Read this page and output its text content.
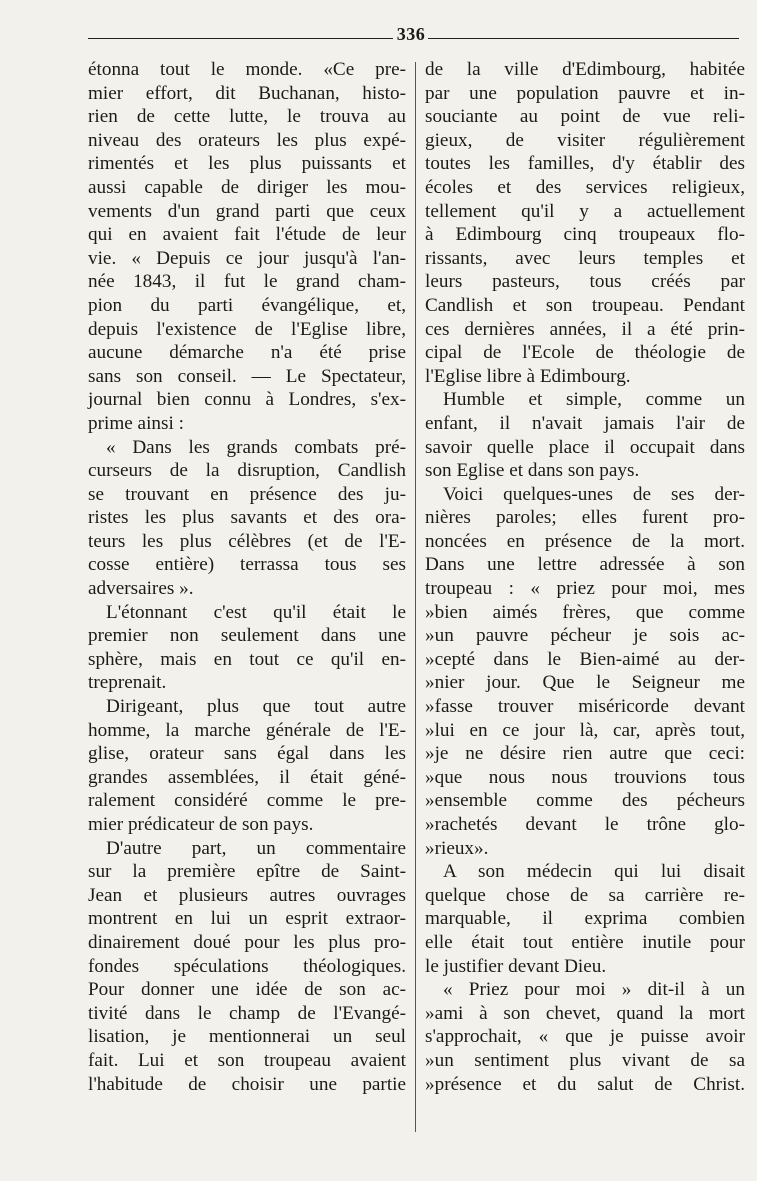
336
étonna tout le monde. «Ce pre-
mier effort, dit Buchanan, histo-
rien de cette lutte, le trouva au
niveau des orateurs les plus expé-
rimentés et les plus puissants et
aussi capable de diriger les mou-
vements d'un grand parti que ceux
qui en avaient fait l'étude de leur
vie. « Depuis ce jour jusqu'à l'an-
née 1843, il fut le grand cham-
pion du parti évangélique, et,
depuis l'existence de l'Eglise libre,
aucune démarche n'a été prise
sans son conseil. — Le Spectateur,
journal bien connu à Londres, s'ex-
prime ainsi :
« Dans les grands combats pré-
curseurs de la disruption, Candlish
se trouvant en présence des ju-
ristes les plus savants et des ora-
teurs les plus célèbres (et de l'E-
cosse entière) terrassa tous ses
adversaires ».
L'étonnant c'est qu'il était le
premier non seulement dans une
sphère, mais en tout ce qu'il en-
treprenait.
Dirigeant, plus que tout autre
homme, la marche générale de l'E-
glise, orateur sans égal dans les
grandes assemblées, il était géné-
ralement considéré comme le pre-
mier prédicateur de son pays.
D'autre part, un commentaire
sur la première epître de Saint-
Jean et plusieurs autres ouvrages
montrent en lui un esprit extraor-
dinairement doué pour les plus pro-
fondes spéculations théologiques.
Pour donner une idée de son ac-
tivité dans le champ de l'Evangé-
lisation, je mentionnerai un seul
fait. Lui et son troupeau avaient
l'habitude de choisir une partie
de la ville d'Edimbourg, habitée
par une population pauvre et in-
souciante au point de vue reli-
gieux, de visiter régulièrement
toutes les familles, d'y établir des
écoles et des services religieux,
tellement qu'il y a actuellement
à Edimbourg cinq troupeaux flo-
rissants, avec leurs temples et
leurs pasteurs, tous créés par
Candlish et son troupeau. Pendant
ces dernières années, il a été prin-
cipal de l'Ecole de théologie de
l'Eglise libre à Edimbourg.
Humble et simple, comme un
enfant, il n'avait jamais l'air de
savoir quelle place il occupait dans
son Eglise et dans son pays.
Voici quelques-unes de ses der-
nières paroles; elles furent pro-
noncées en présence de la mort.
Dans une lettre adressée à son
troupeau : « priez pour moi, mes
»bien aimés frères, que comme
»un pauvre pécheur je sois ac-
»cepté dans le Bien-aimé au der-
»nier jour. Que le Seigneur me
»fasse trouver miséricorde devant
»lui en ce jour là, car, après tout,
»je ne désire rien autre que ceci:
»que nous nous trouvions tous
»ensemble comme des pécheurs
»rachetés devant le trône glo-
»rieux».
A son médecin qui lui disait
quelque chose de sa carrière re-
marquable, il exprima combien
elle était tout entière inutile pour
le justifier devant Dieu.
« Priez pour moi » dit-il à un
»ami à son chevet, quand la mort
s'approchait, « que je puisse avoir
»un sentiment plus vivant de sa
»présence et du salut de Christ.
